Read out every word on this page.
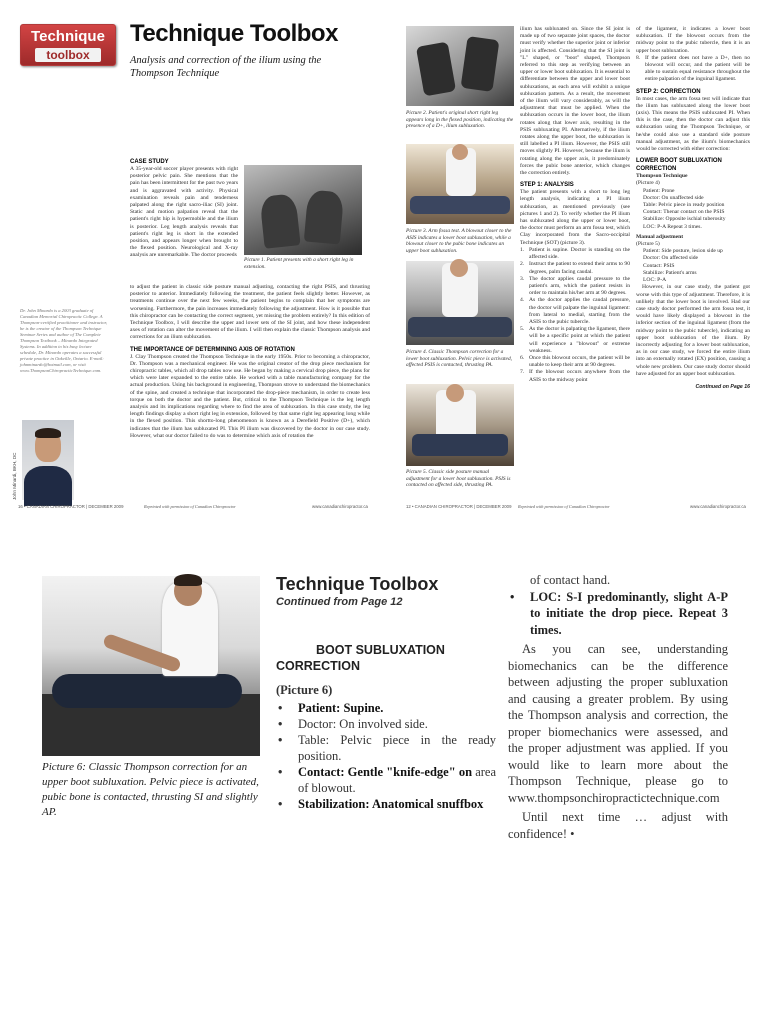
Technique
toolbox
Technique Toolbox
Analysis and correction of the ilium using the Thompson Technique
CASE STUDY
A 35-year-old soccer player presents with right posterior pelvic pain. She mentions that the pain has been intermittent for the past two years and is aggravated with activity. Physical examination reveals pain and tenderness palpated along the right sacro-iliac (SI) joint. Static and motion palpation reveal that the patient's right hip is hypermobile and the ilium is posterior. Leg length analysis reveals that patient's right leg is short in the extended position, and appears longer when brought to the flexed position. Neurological and X-ray analysis are unremarkable. The doctor proceeds
Picture 1. Patient presents with a short right leg in extension.
to adjust the patient in classic side posture manual adjusting, contacting the right PSIS, and thrusting posterior to anterior. Immediately following the treatment, the patient feels slightly better. However, as treatments continue over the next few weeks, the patient begins to complain that her symptoms are worsening. Furthermore, the pain increases immediately following the adjustment. How is it possible that this chiropractor can be contacting the correct segment, yet missing the problem entirely? In this edition of Technique Toolbox, I will describe the upper and lower sets of the SI joint, and how these independent axes of rotation can alter the movement of the ilium. I will then explain the classic Thompson analysis and corrections for an ilium subluxation.
THE IMPORTANCE OF DETERMINING AXIS OF ROTATION
J. Clay Thompson created the Thompson Technique in the early 1950s. Prior to becoming a chiropractor, Dr. Thompson was a mechanical engineer. He was the original creator of the drop piece mechanism for chiropractic tables, which all drop tables now use. He began by making a cervical drop piece, the plans for which were later expanded to the entire table. He worked with a table manufacturing company for the actual production. Using his background in engineering, Thompson strove to understand the biomechanics of the spine, and created a technique that incorporated the drop-piece mechanism, in order to create less torque on both the doctor and the patient. But, critical to the Thompson Technique is the leg length analysis and its implications regarding where to find the area of subluxation. In this case study, the leg length findings display a short right leg in extension, followed by that same right leg appearing long while in the flexed position. This shortto-long phenomenon is known as a Derefield Positive (D+), which indicates that the ilium has subluxated PI. This PI ilium was discovered by the doctor in our case study. However, what our doctor failed to do was to determine which axis of rotation the
Dr. John Minardo is a 2003 graduate of Canadian Memorial Chiropractic College. A Thompson-certified practitioner and instructor, he is the creator of the Thompson Technique Seminar Series and author of The Complete Thompson Textbook – Minardo Integrated Systems. In addition to his busy lecture schedule, Dr. Minardo operates a successful private practice in Oakville, Ontario. E-mail: johnminardo@hotmail.com, or visit www.ThompsonChiropracticTechnique.com.
John Minardi, BKH, DC
16 • CANADIAN CHIROPRACTOR | DECEMBER 2009	Reprinted with permission of Canadian Chiropractor	www.canadianchiropractor.ca
Picture 2. Patient's original short right leg appears long in the flexed position, indicating the presence of a D+, ilium subluxation.
Picture 3. Arm fossa test. A blowout closer to the ASIS indicates a lower boot subluxation, while a blowout closer to the pubic bone indicates an upper boot subluxation.
Picture 4. Classic Thompson correction for a lower boot subluxation. Pelvic piece is activated, affected PSIS is contacted, thrusting PA.
Picture 5. Classic side posture manual adjustment for a lower boot subluxation. PSIS is contacted on affected side, thrusting PA.
ilium has subluxated on. Since the SI joint is made up of two separate joint spaces, the doctor must verify whether the superior joint or inferior joint is affected. Considering that the SI joint is "L" shaped, or "boot" shaped, Thompson referred to this step as verifying between an upper or lower boot subluxation. It is essential to differentiate between the upper and lower boot subluxations, as each area will exhibit a unique subluxation pattern. As a result, the movement of the ilium will vary considerably, as will the adjustment that must be applied. When the subluxation occurs in the lower boot, the ilium rotates along that lower axis, resulting in the PSIS subluxating PI. Alternatively, if the ilium rotates along the upper boot, the subluxation is still labelled a PI ilium. However, the PSIS still moves slightly PI. However, because the ilium is rotating along the upper axis, it predominately forces the pubic bone anterior, which changes the correction entirely.
STEP 1: ANALYSIS
The patient presents with a short to long leg length analysis, indicating a PI ilium subluxation, as mentioned previously (see pictures 1 and 2). To verify whether the PI ilium has subluxated along the upper or lower boot, the doctor must perform an arm fossa test, which Clay incorporated from the Sacro-occipital Technique (SOT) (picture 3).
1. Patient is supine. Doctor is standing on the affected side.
2. Instruct the patient to extend their arms to 90 degrees, palm facing caudal.
3. The doctor applies caudal pressure to the patient's arm, which the patient resists in order to maintain his/her arm at 90 degrees.
4. As the doctor applies the caudal pressure, the doctor will palpate the inguinal ligament: from lateral to medial, starting from the ASIS to the pubic tubercle.
5. As the doctor is palpating the ligament, there will be a specific point at which the patient will experience a "blowout" or extreme weakness.
6. Once this blowout occurs, the patient will be unable to keep their arm at 90 degrees.
7. If the blowout occurs anywhere from the ASIS to the midway point
of the ligament, it indicates a lower boot subluxation. If the blowout occurs from the midway point to the pubic tubercle, then it is an upper boot subluxation.
8. If the patient does not have a D+, then no blowout will occur, and the patient will be able to sustain equal resistance throughout the entire palpation of the inguinal ligament.
STEP 2: CORRECTION
In most cases, the arm fossa test will indicate that the ilium has subluxated along the lower boot (axis). This means the PSIS subluxated PI. When this is the case, then the doctor can adjust this subluxation using the Thompson Technique, or he/she could also use a standard side posture manual adjustment, as the ilium's biomechanics would be corrected with either correction:
LOWER BOOT SUBLUXATION CORRECTION
Thompson Technique
(Picture 4)
Patient: Prone
Doctor: On unaffected side
Table: Pelvic piece in ready position
Contact: Thenar contact on the PSIS
Stabilize: Opposite ischial tuberosity
LOC: P-A Repeat 3 times.
Manual adjustment
(Picture 5)
Patient: Side posture, lesion side up
Doctor: On affected side
Contact: PSIS
Stabilize: Patient's arms
LOC: P-A
However, in our case study, the patient got worse with this type of adjustment. Therefore, it is unlikely that the lower boot is involved. Had our case study doctor performed the arm fossa test, it would have likely displayed a blowout in the inferior section of the inguinal ligament (from the midway point to the pubic tubercle), indicating an upper boot subluxation of the ilium. By incorrectly adjusting for a lower boot subluxation, as in our case study, we forced the entire ilium into an externally rotated (EX) position, causing a whole new problem. Our case study doctor should have adjusted for an upper boot subluxation.
Continued on Page 16
12 • CANADIAN CHIROPRACTOR | DECEMBER 2009 Reprinted with permission of Canadian Chiropractor	www.canadianchiropractor.ca
Picture 6: Classic Thompson correction for an upper boot subluxation. Pelvic piece is activated, pubic bone is contacted, thrusting SI and slightly AP.
Technique Toolbox
Continued from Page 12
BOOT SUBLUXATION
CORRECTION
(Picture 6)
• Patient: Supine.
• Doctor: On involved side.
• Table: Pelvic piece in the ready position.
• Contact: Gentle "knife-edge" on area of blowout.
• Stabilization: Anatomical snuffbox
of contact hand.
• LOC: S-I predominantly, slight A-P to initiate the drop piece. Repeat 3 times.

As you can see, understanding biomechanics can be the difference between adjusting the proper subluxation and causing a greater problem. By using the Thompson analysis and correction, the proper biomechanics were assessed, and the proper adjustment was applied. If you would like to learn more about the Thompson Technique, please go to www.thompsonchiropractictechnique.com

Until next time … adjust with confidence! •
